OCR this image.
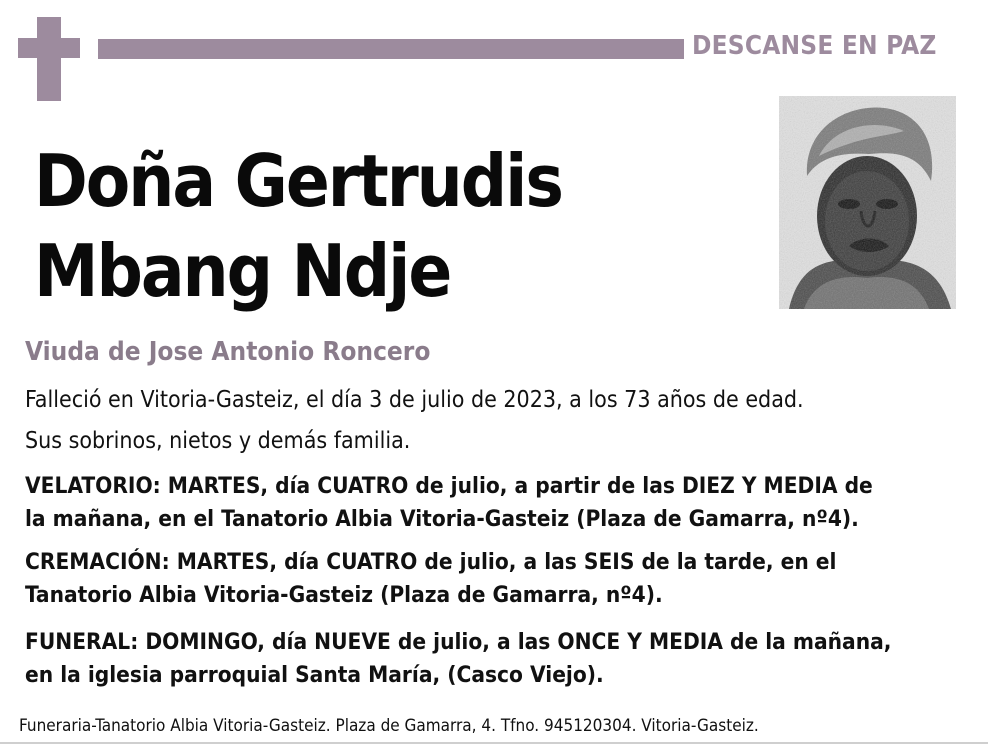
DESCANSE EN PAZ
Doña Gertrudis
Mbang Ndje
Viuda de Jose Antonio Roncero
Falleció en Vitoria-Gasteiz, el día 3 de julio de 2023, a los 73 años de edad.
Sus sobrinos, nietos y demás familia.
VELATORIO: MARTES, día CUATRO de julio, a partir de las DIEZ Y MEDIA de
la mañana, en el Tanatorio Albia Vitoria-Gasteiz (Plaza de Gamarra, nº4).
CREMACIÓN: MARTES, día CUATRO de julio, a las SEIS de la tarde, en el
Tanatorio Albia Vitoria-Gasteiz (Plaza de Gamarra, nº4).
FUNERAL: DOMINGO, día NUEVE de julio, a las ONCE Y MEDIA de la mañana,
en la iglesia parroquial Santa María, (Casco Viejo).
Funeraria-Tanatorio Albia Vitoria-Gasteiz. Plaza de Gamarra, 4. Tfno. 945120304. Vitoria-Gasteiz.
